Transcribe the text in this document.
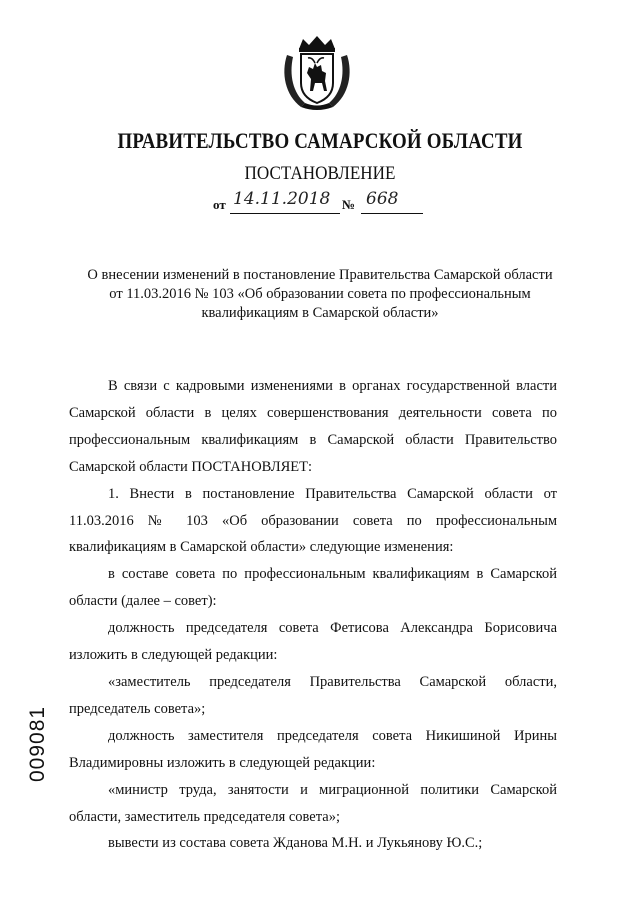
ПРАВИТЕЛЬСТВО САМАРСКОЙ ОБЛАСТИ
ПОСТАНОВЛЕНИЕ
от 14.11.2018 № 668
О внесении изменений в постановление Правительства Самарской области
от 11.03.2016 № 103 «Об образовании совета по профессиональным
квалификациям в Самарской области»

В связи с кадровыми изменениями в органах государственной власти Самарской области в целях совершенствования деятельности совета по профессиональным квалификациям в Самарской области Правительство Самарской области ПОСТАНОВЛЯЕТ:

1. Внести в постановление Правительства Самарской области от 11.03.2016 № 103 «Об образовании совета по профессиональным квалификациям в Самарской области» следующие изменения:

в составе совета по профессиональным квалификациям в Самарской области (далее – совет):

должность председателя совета Фетисова Александра Борисовича изложить в следующей редакции:

«заместитель председателя Правительства Самарской области, председатель совета»;

должность заместителя председателя совета Никишиной Ирины Владимировны изложить в следующей редакции:

«министр труда, занятости и миграционной политики Самарской области, заместитель председателя совета»;

вывести из состава совета Жданова М.Н. и Лукьянову Ю.С.;

009081
